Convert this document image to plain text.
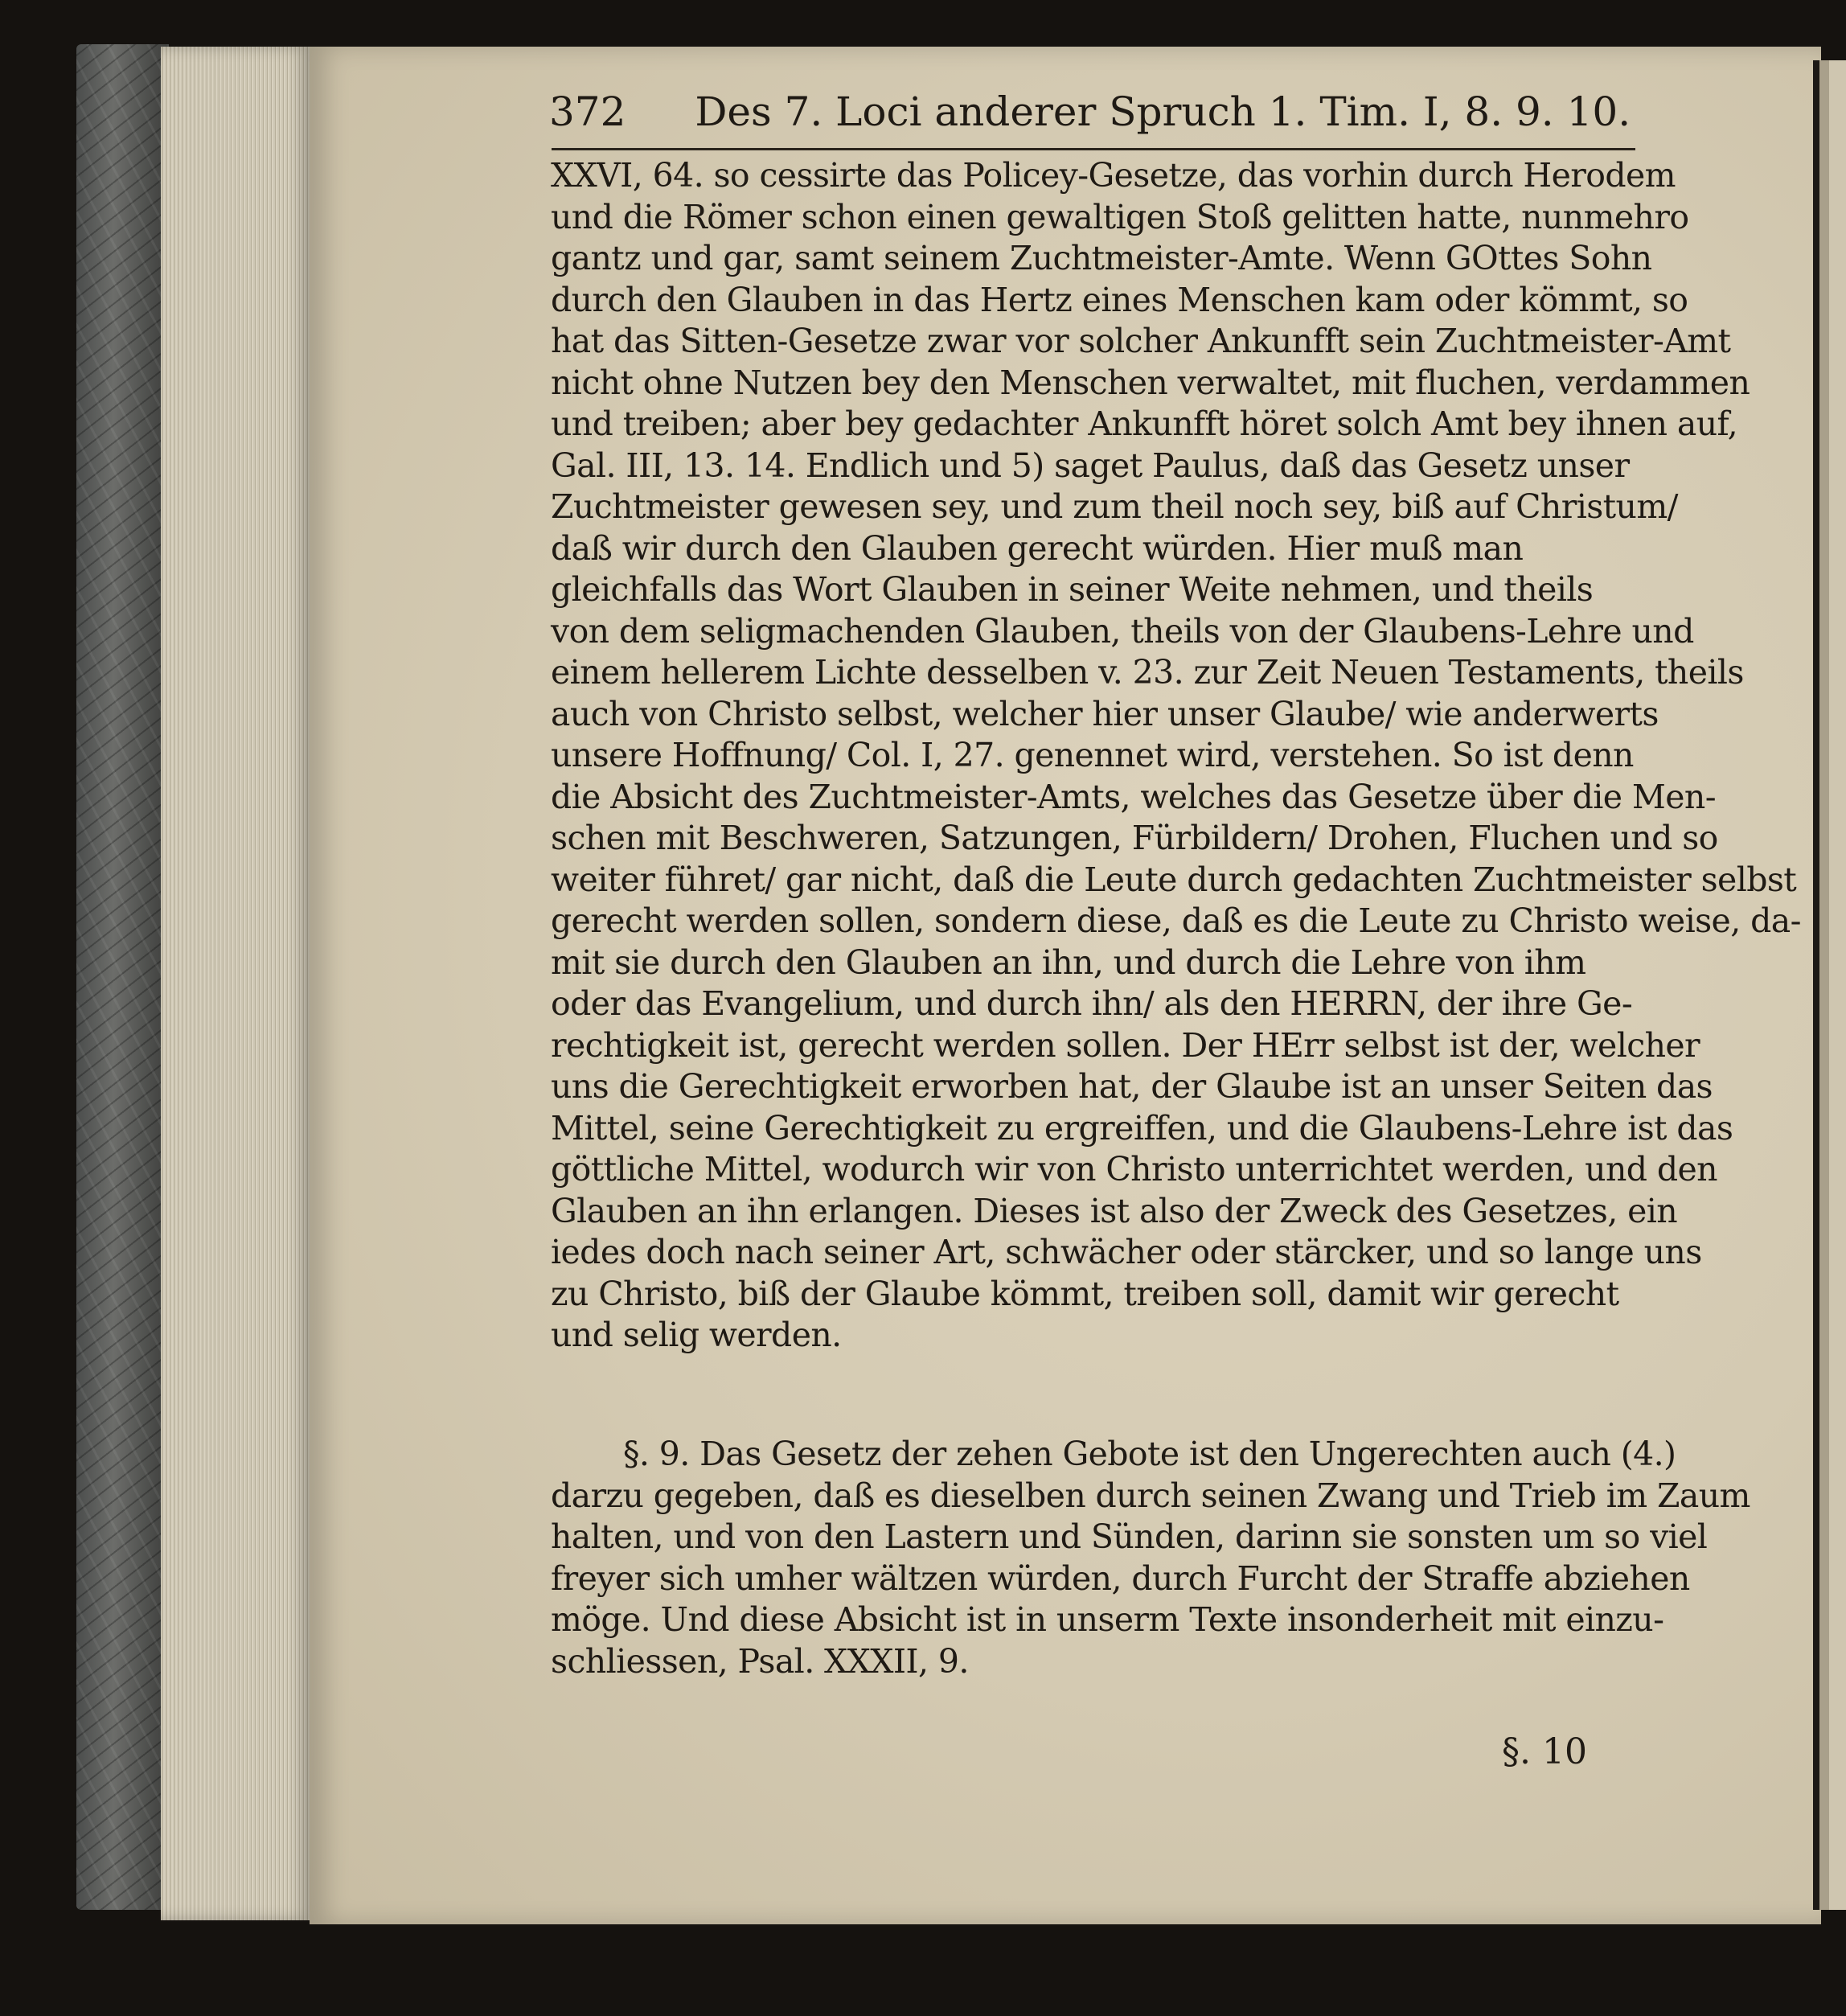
372 Des 7. Loci anderer Spruch 1. Tim. I, 8. 9. 10.
XXVI, 64. so cessirte das Policey-Gesetze, das vorhin durch Herodem
und die Römer schon einen gewaltigen Stoß gelitten hatte, nunmehro
gantz und gar, samt seinem Zuchtmeister-Amte. Wenn GOttes Sohn
durch den Glauben in das Hertz eines Menschen kam oder kömmt, so
hat das Sitten-Gesetze zwar vor solcher Ankunfft sein Zuchtmeister-Amt
nicht ohne Nutzen bey den Menschen verwaltet, mit fluchen, verdammen
und treiben; aber bey gedachter Ankunfft höret solch Amt bey ihnen auf,
Gal. III, 13. 14. Endlich und 5) saget Paulus, daß das Gesetz unser
Zuchtmeister gewesen sey, und zum theil noch sey, biß auf Christum/
daß wir durch den Glauben gerecht würden. Hier muß man
gleichfalls das Wort Glauben in seiner Weite nehmen, und theils
von dem seligmachenden Glauben, theils von der Glaubens-Lehre und
einem hellerem Lichte desselben v. 23. zur Zeit Neuen Testaments, theils
auch von Christo selbst, welcher hier unser Glaube/ wie anderwerts
unsere Hoffnung/ Col. I, 27. genennet wird, verstehen. So ist denn
die Absicht des Zuchtmeister-Amts, welches das Gesetze über die Men-
schen mit Beschweren, Satzungen, Fürbildern/ Drohen, Fluchen und so
weiter führet/ gar nicht, daß die Leute durch gedachten Zuchtmeister selbst
gerecht werden sollen, sondern diese, daß es die Leute zu Christo weise, da-
mit sie durch den Glauben an ihn, und durch die Lehre von ihm
oder das Evangelium, und durch ihn/ als den HERRN, der ihre Ge-
rechtigkeit ist, gerecht werden sollen. Der HErr selbst ist der, welcher
uns die Gerechtigkeit erworben hat, der Glaube ist an unser Seiten das
Mittel, seine Gerechtigkeit zu ergreiffen, und die Glaubens-Lehre ist das
göttliche Mittel, wodurch wir von Christo unterrichtet werden, und den
Glauben an ihn erlangen. Dieses ist also der Zweck des Gesetzes, ein
iedes doch nach seiner Art, schwächer oder stärcker, und so lange uns
zu Christo, biß der Glaube kömmt, treiben soll, damit wir gerecht
und selig werden.
§. 9. Das Gesetz der zehen Gebote ist den Ungerechten auch (4.)
darzu gegeben, daß es dieselben durch seinen Zwang und Trieb im Zaum
halten, und von den Lastern und Sünden, darinn sie sonsten um so viel
freyer sich umher wältzen würden, durch Furcht der Straffe abziehen
möge. Und diese Absicht ist in unserm Texte insonderheit mit einzu-
schliessen, Psal. XXXII, 9.
§. 10
